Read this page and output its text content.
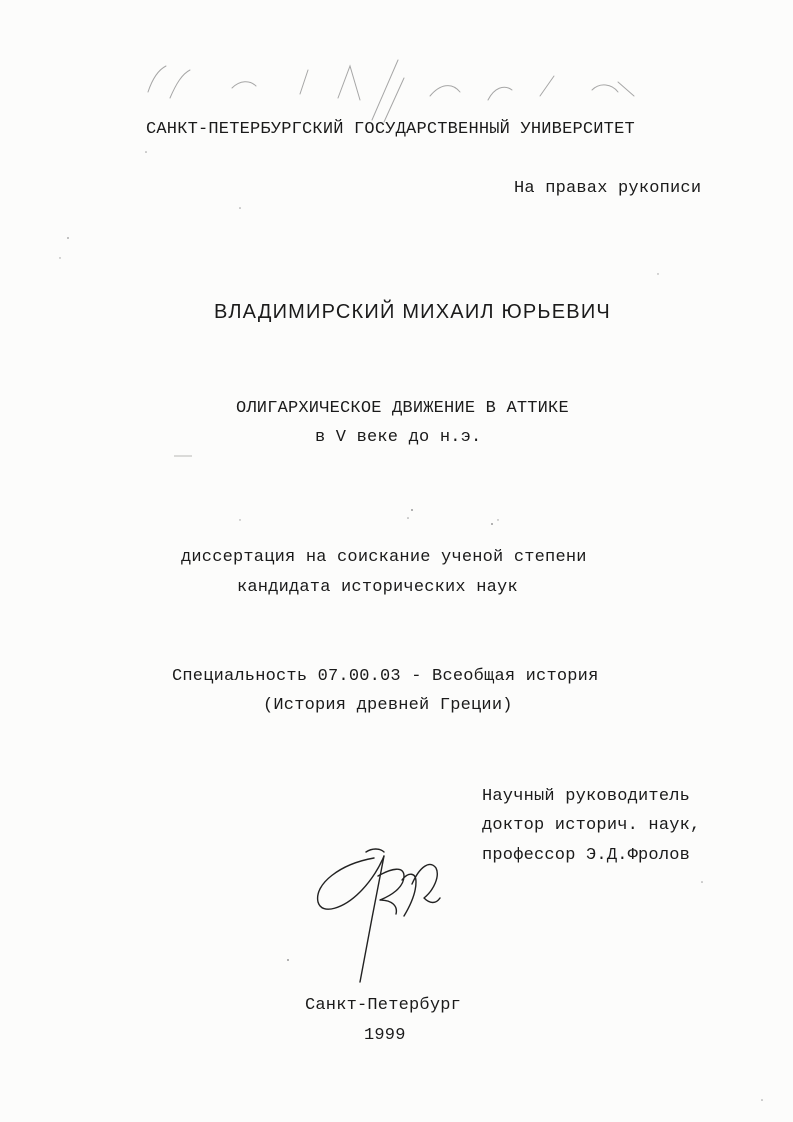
САНКТ-ПЕТЕРБУРГСКИЙ ГОСУДАРСТВЕННЫЙ УНИВЕРСИТЕТ

На правах рукописи

ВЛАДИМИРСКИЙ МИХАИЛ ЮРЬЕВИЧ

ОЛИГАРХИЧЕСКОЕ ДВИЖЕНИЕ В АТТИКЕ

в V веке до н.э.

диссертация на соискание ученой степени

кандидата исторических наук

Специальность 07.00.03 - Всеобщая история

(История древней Греции)

Научный руководитель

доктор историч. наук,

профессор Э.Д.Фролов

Санкт-Петербург

1999
